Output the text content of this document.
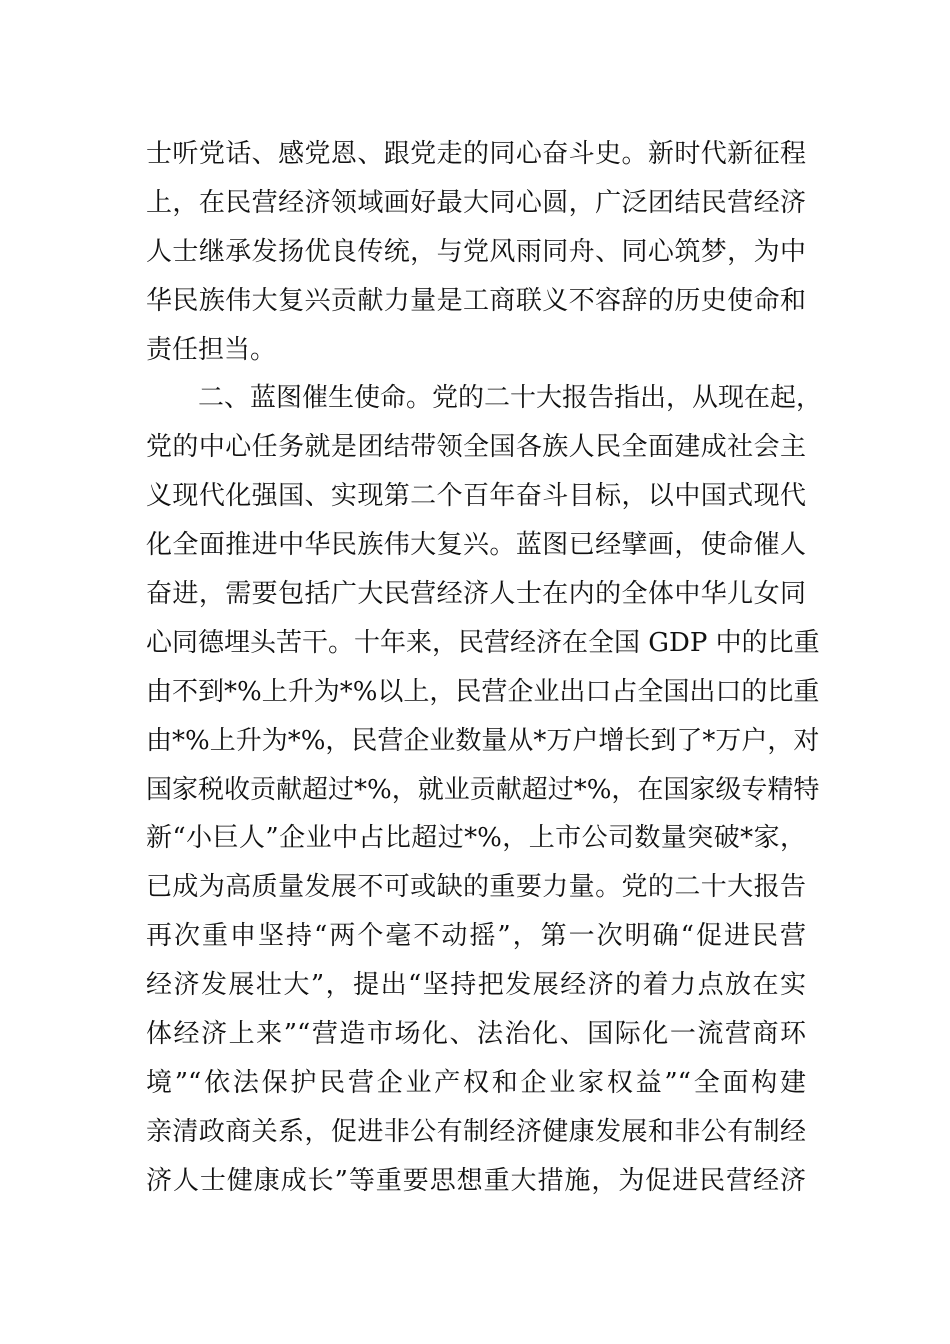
士听党话、感党恩、跟党走的同心奋斗史。新时代新征程
上，在民营经济领域画好最大同心圆，广泛团结民营经济
人士继承发扬优良传统，与党风雨同舟、同心筑梦，为中
华民族伟大复兴贡献力量是工商联义不容辞的历史使命和
责任担当。
二、蓝图催生使命。党的二十大报告指出，从现在起，
党的中心任务就是团结带领全国各族人民全面建成社会主
义现代化强国、实现第二个百年奋斗目标，以中国式现代
化全面推进中华民族伟大复兴。蓝图已经擘画，使命催人
奋进，需要包括广大民营经济人士在内的全体中华儿女同
心同德埋头苦干。十年来，民营经济在全国 GDP 中的比重
由不到*%上升为*%以上，民营企业出口占全国出口的比重
由*%上升为*%，民营企业数量从*万户增长到了*万户，对
国家税收贡献超过*%，就业贡献超过*%，在国家级专精特
新“小巨人”企业中占比超过*%，上市公司数量突破*家，
已成为高质量发展不可或缺的重要力量。党的二十大报告
再次重申坚持“两个毫不动摇”，第一次明确“促进民营
经济发展壮大”，提出“坚持把发展经济的着力点放在实
体经济上来”“营造市场化、法治化、国际化一流营商环
境”“依法保护民营企业产权和企业家权益”“全面构建
亲清政商关系，促进非公有制经济健康发展和非公有制经
济人士健康成长”等重要思想重大措施，为促进民营经济
